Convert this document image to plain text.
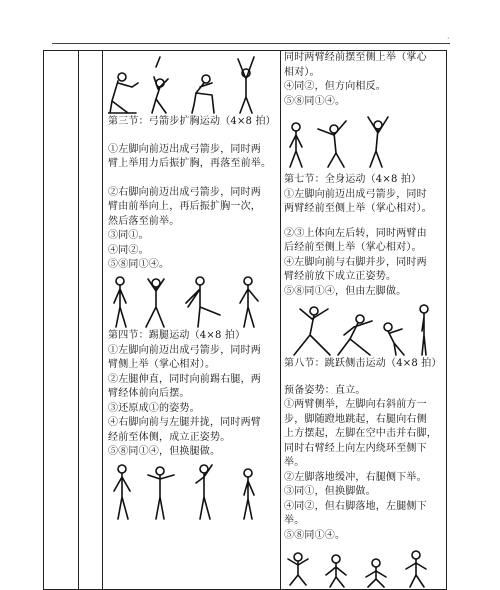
·

第三节：弓箭步扩胸运动（4×8 拍）

①左脚向前迈出成弓箭步，同时两

臂上举用力后振扩胸，再落至前举。

②右脚向前迈出成弓箭步，同时两

臂由前举向上，再后振扩胸一次，

然后落至前举。

③同①。

④同②。

⑤⑧同①④。

第四节：踢腿运动（4×8 拍）

①左脚向前迈出成弓箭步，同时两

臂侧上举（掌心相对）。

②左腿伸直，同时向前踢右腿，两

臂经体前向后摆。

③还原成①的姿势。

④右脚向前与左腿并拢，同时两臂

经前至体侧，成立正姿势。

⑤⑧同①④，但换腿做。

同时两臂经前摆至侧上举（掌心

相对）。

④同②，但方向相反。

⑤⑧同①④。

第七节：全身运动（4×8 拍）

①左脚向前迈出成弓箭步，同时

两臂经前至侧上举（掌心相对）。

②③上体向左后转，同时两臂由

后经前至侧上举（掌心相对）。

④左脚向前与右脚并步，同时两

臂经前放下成立正姿势。

⑤⑧同①④，但由左脚做。

第八节：跳跃侧击运动（4×8 拍）

预备姿势：直立。

①两臂侧举，左脚向右斜前方一

步，脚随蹬地跳起，右腿向右侧

上方摆起，左脚在空中击并右脚，

同时右臂经上向左内绕环至侧下

举。

②左脚落地缓冲，右腿侧下举。

③同①，但换脚做。

④同②，但右脚落地，左腿侧下

举。

⑤⑧同①④。
